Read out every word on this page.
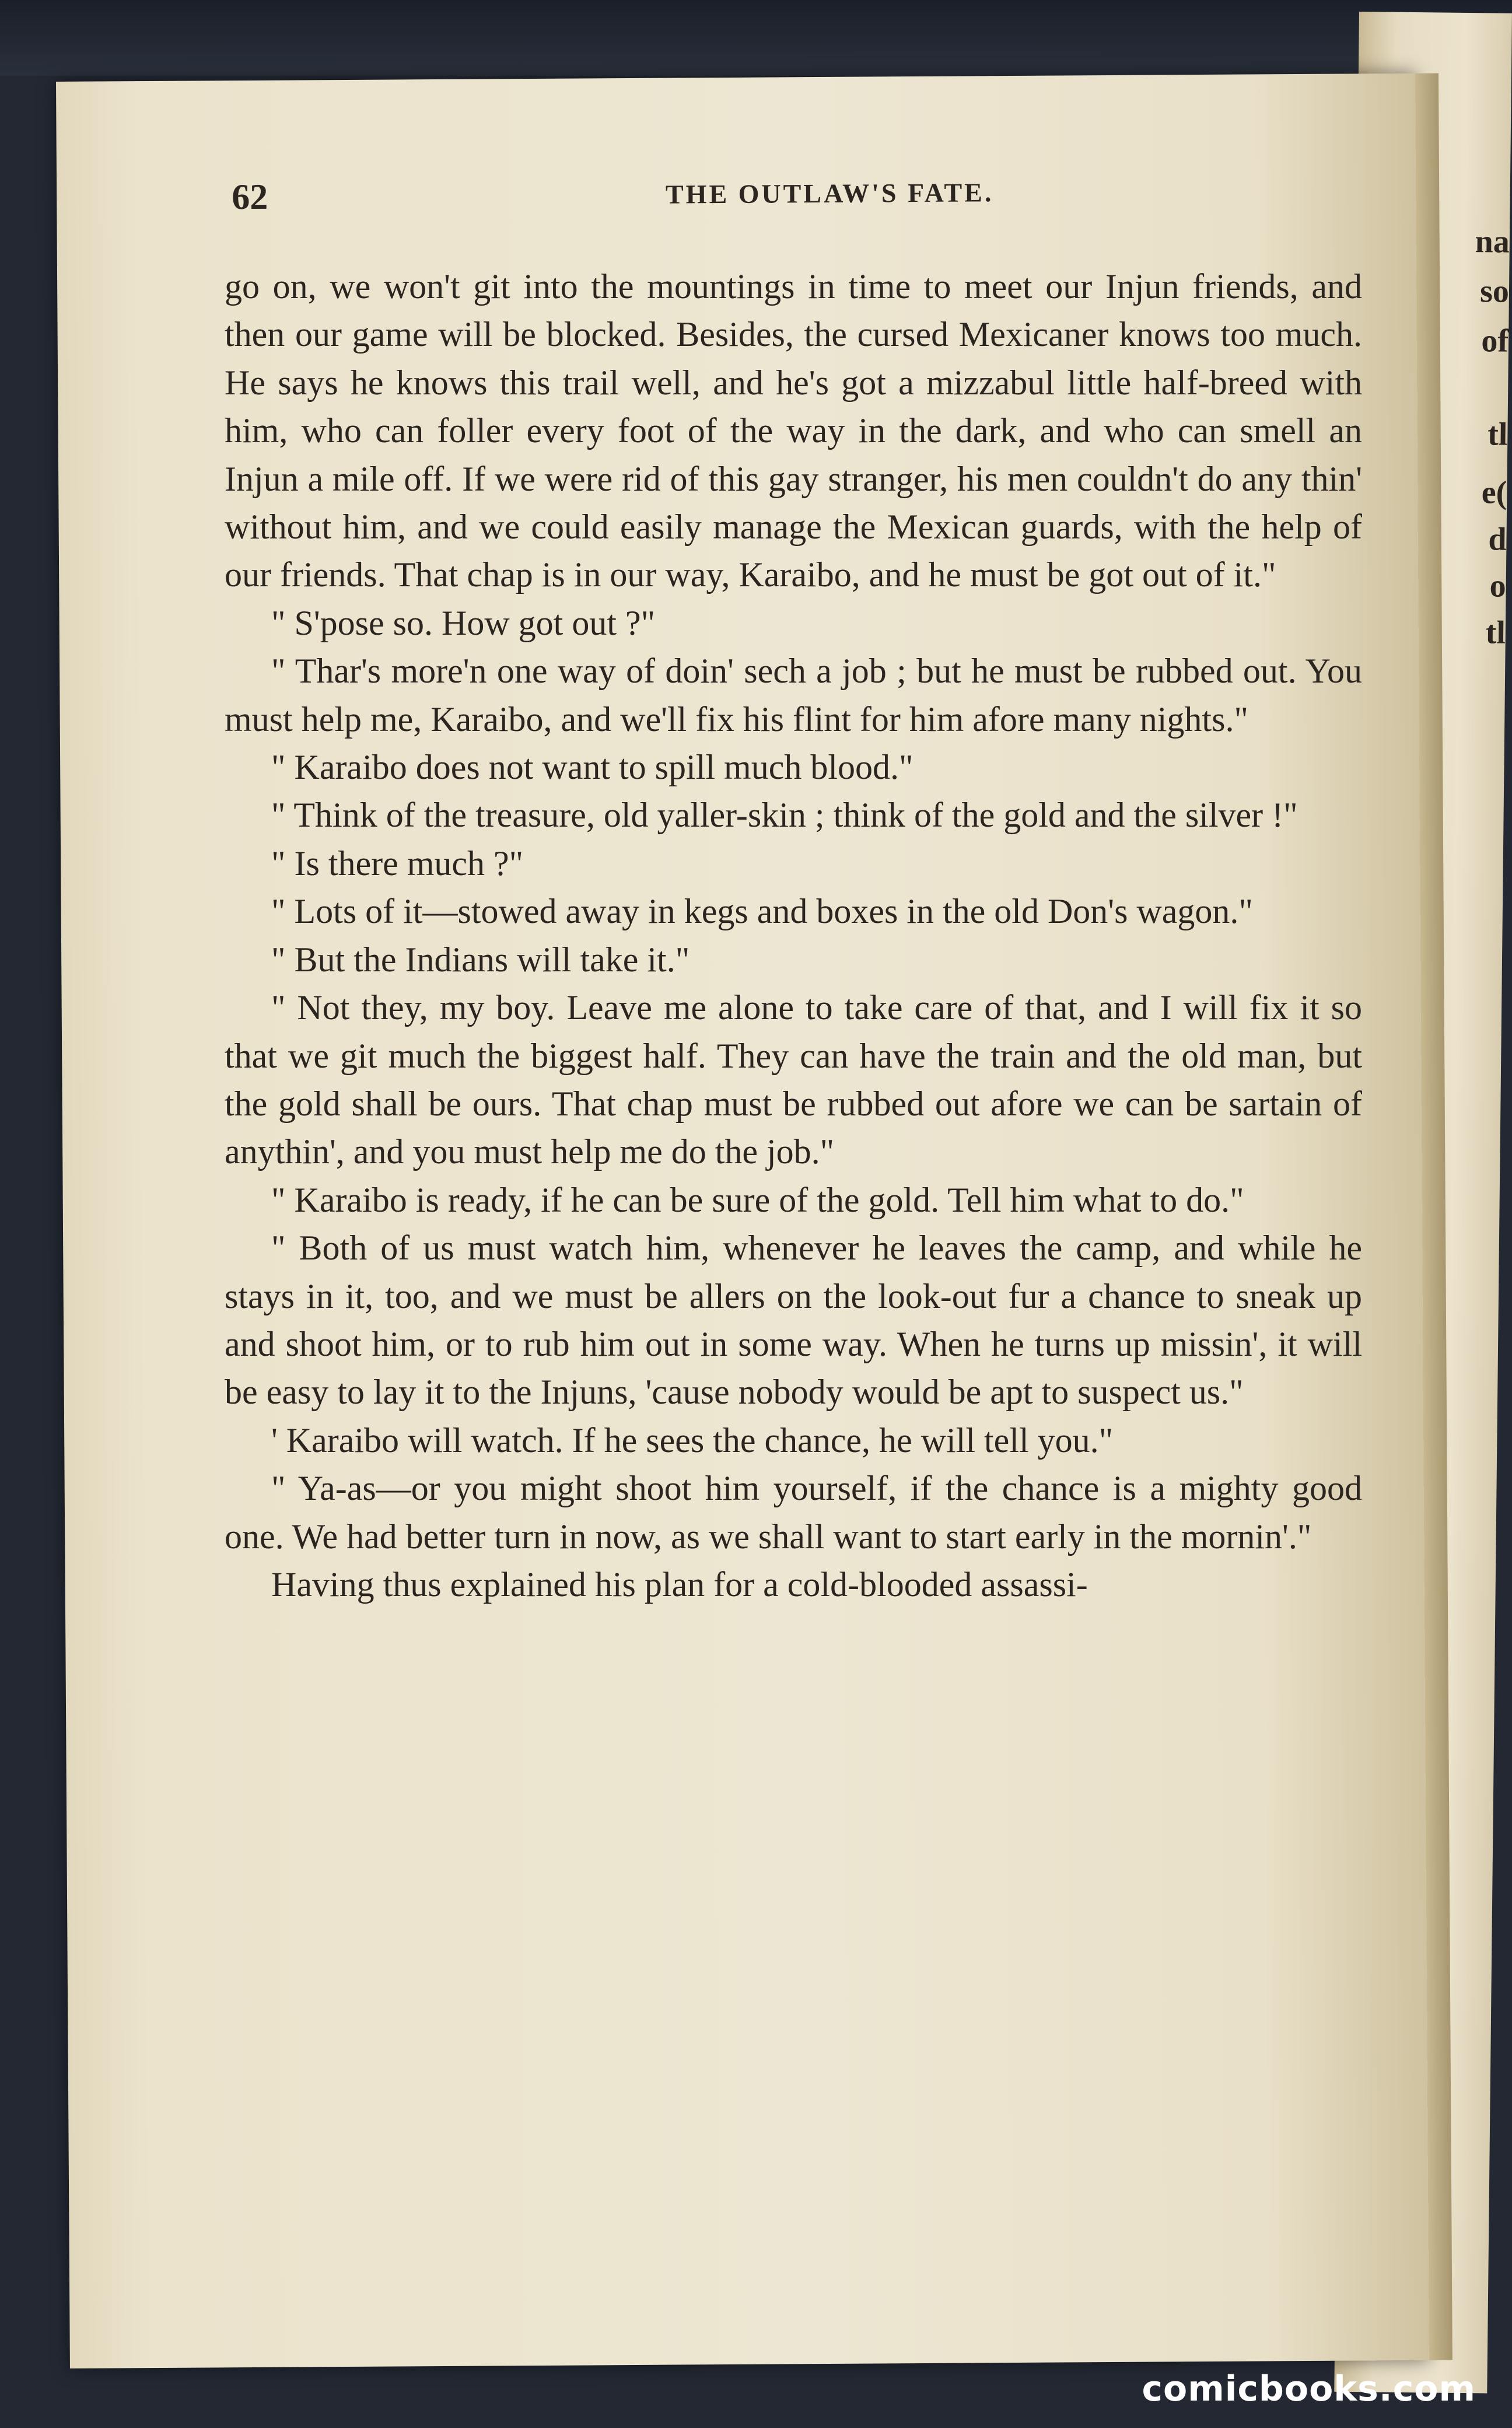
na
so
of
tl
e(
d
o
tl
62	THE OUTLAW'S FATE.

go on, we won't git into the mountings in time to meet our Injun friends, and then our game will be blocked. Besides, the cursed Mexicaner knows too much. He says he knows this trail well, and he's got a mizzabul little half-breed with him, who can foller every foot of the way in the dark, and who can smell an Injun a mile off. If we were rid of this gay stranger, his men couldn't do any thin' without him, and we could easily manage the Mexican guards, with the help of our friends. That chap is in our way, Karaibo, and he must be got out of it."

" S'pose so. How got out ?"

" Thar's more'n one way of doin' sech a job ; but he must be rubbed out. You must help me, Karaibo, and we'll fix his flint for him afore many nights."

" Karaibo does not want to spill much blood."

" Think of the treasure, old yaller-skin ; think of the gold and the silver !"

" Is there much ?"

" Lots of it—stowed away in kegs and boxes in the old Don's wagon."

" But the Indians will take it."

" Not they, my boy. Leave me alone to take care of that, and I will fix it so that we git much the biggest half. They can have the train and the old man, but the gold shall be ours. That chap must be rubbed out afore we can be sartain of anythin', and you must help me do the job."

" Karaibo is ready, if he can be sure of the gold. Tell him what to do."

" Both of us must watch him, whenever he leaves the camp, and while he stays in it, too, and we must be allers on the look-out fur a chance to sneak up and shoot him, or to rub him out in some way. When he turns up missin', it will be easy to lay it to the Injuns, 'cause nobody would be apt to suspect us."

' Karaibo will watch. If he sees the chance, he will tell you."

" Ya-as—or you might shoot him yourself, if the chance is a mighty good one. We had better turn in now, as we shall want to start early in the mornin'."

Having thus explained his plan for a cold-blooded assassi-

comicbooks.com
